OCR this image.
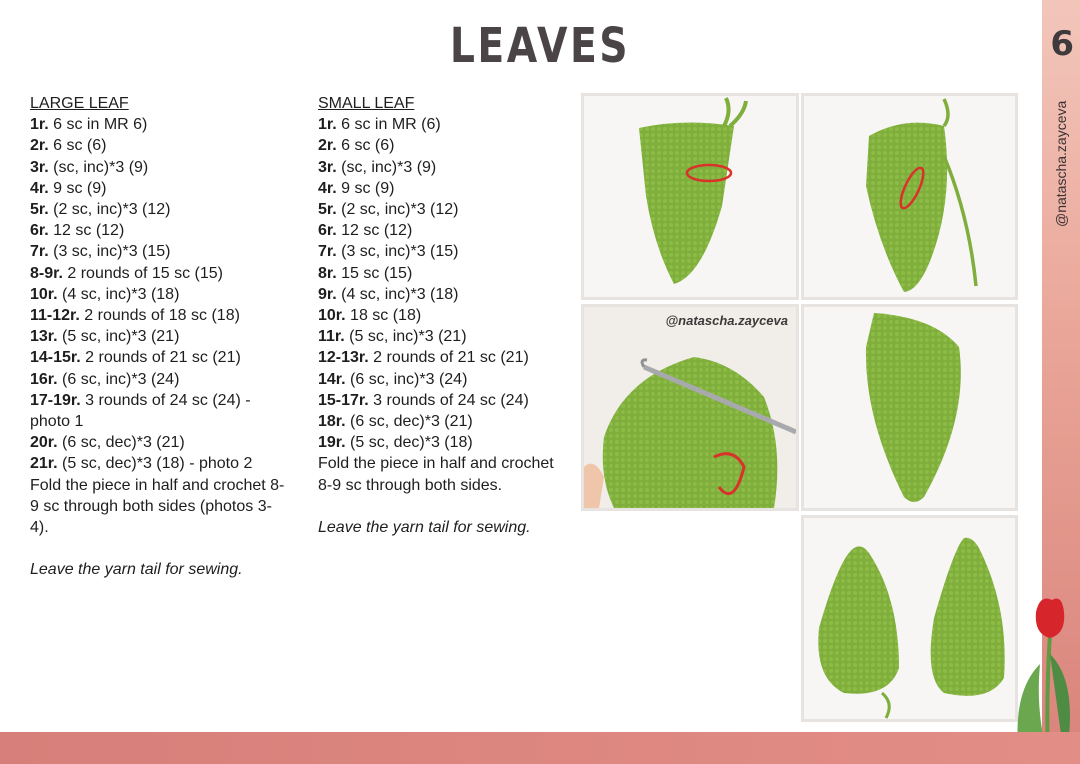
LEAVES
LARGE LEAF
1r. 6 sc in MR 6)
2r. 6 sc (6)
3r. (sc, inc)*3 (9)
4r. 9 sc (9)
5r. (2 sc, inc)*3 (12)
6r. 12 sc (12)
7r. (3 sc, inc)*3 (15)
8-9r. 2 rounds of 15 sc (15)
10r. (4 sc, inc)*3 (18)
11-12r. 2 rounds of 18 sc (18)
13r. (5 sc, inc)*3 (21)
14-15r. 2 rounds of 21 sc (21)
16r. (6 sc, inc)*3 (24)
17-19r. 3 rounds of 24 sc (24) - photo 1
20r. (6 sc, dec)*3 (21)
21r. (5 sc, dec)*3 (18) - photo 2
Fold the piece in half and crochet 8-9 sc through both sides (photos 3-4).
Leave the yarn tail for sewing.
SMALL LEAF
1r. 6 sc in MR (6)
2r. 6 sc (6)
3r. (sc, inc)*3 (9)
4r. 9 sc (9)
5r. (2 sc, inc)*3 (12)
6r. 12 sc (12)
7r. (3 sc, inc)*3 (15)
8r. 15 sc (15)
9r. (4 sc, inc)*3 (18)
10r. 18 sc (18)
11r. (5 sc, inc)*3 (21)
12-13r. 2 rounds of 21 sc (21)
14r. (6 sc, inc)*3 (24)
15-17r. 3 rounds of 24 sc (24)
18r. (6 sc, dec)*3 (21)
19r. (5 sc, dec)*3 (18)
Fold the piece in half and crochet 8-9 sc through both sides.
Leave the yarn tail for sewing.
@natascha.zayceva
6
@natascha.zayceva
